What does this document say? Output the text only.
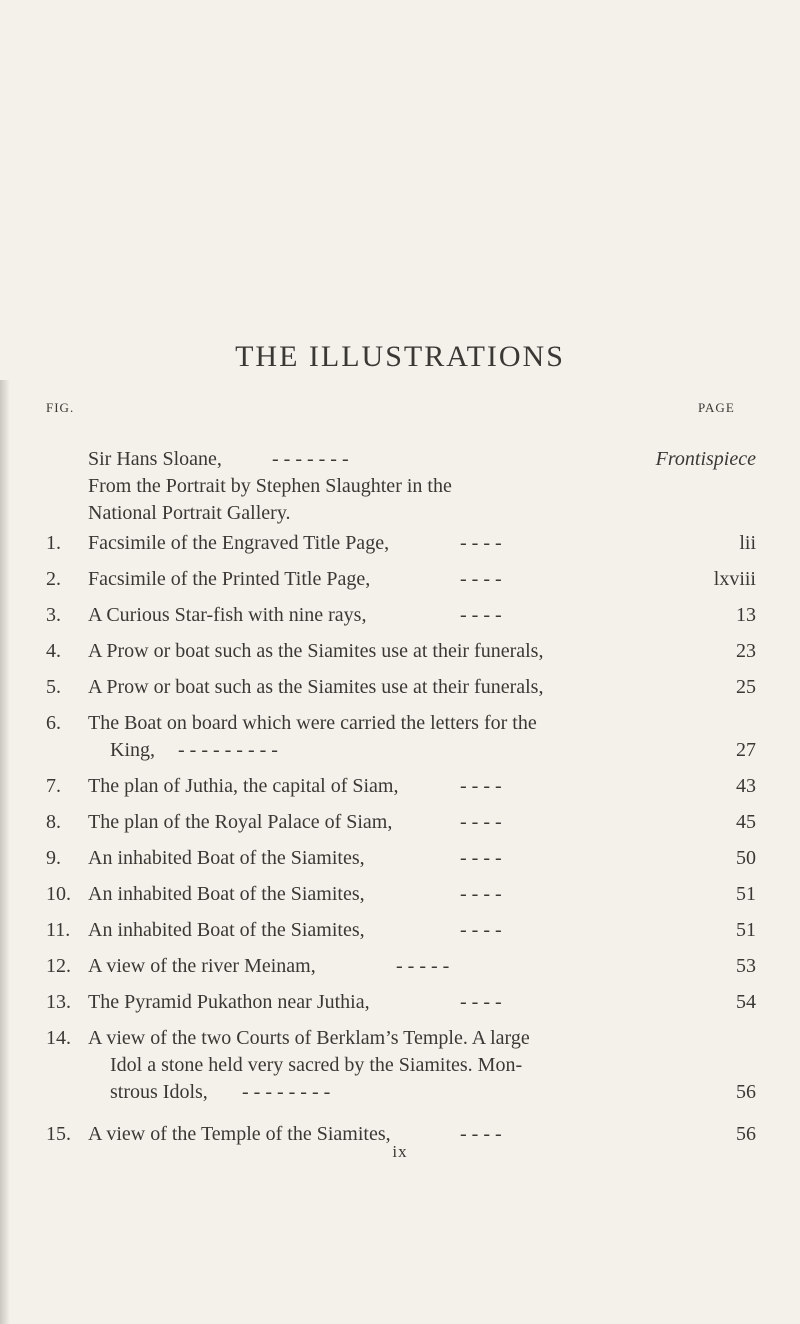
THE ILLUSTRATIONS
FIG.	PAGE
Sir Hans Sloane,	- - - - - - -	Frontispiece
From the Portrait by Stephen Slaughter in the
National Portrait Gallery.
1.	Facsimile of the Engraved Title Page,	- - - -	lii
2.	Facsimile of the Printed Title Page,	- - - -	lxviii
3.	A Curious Star-fish with nine rays,	- - - -	13
4.	A Prow or boat such as the Siamites use at their funerals,	23
5.	A Prow or boat such as the Siamites use at their funerals,	25
6.	The Boat on board which were carried the letters for the
King, - - - - - - - - -	27
7.	The plan of Juthia, the capital of Siam,	- - - -	43
8.	The plan of the Royal Palace of Siam,	- - - -	45
9.	An inhabited Boat of the Siamites,	- - - -	50
10. An inhabited Boat of the Siamites,	- - - -	51
11. An inhabited Boat of the Siamites,	- - - -	51
12. A view of the river Meinam,	- - - - -	53
13. The Pyramid Pukathon near Juthia,	- - - -	54
14. A view of the two Courts of Berklam’s Temple. A large
Idol a stone held very sacred by the Siamites. Mon-
strous Idols, - - - - - - - -	56
15. A view of the Temple of the Siamites,	- - - -	56
ix
